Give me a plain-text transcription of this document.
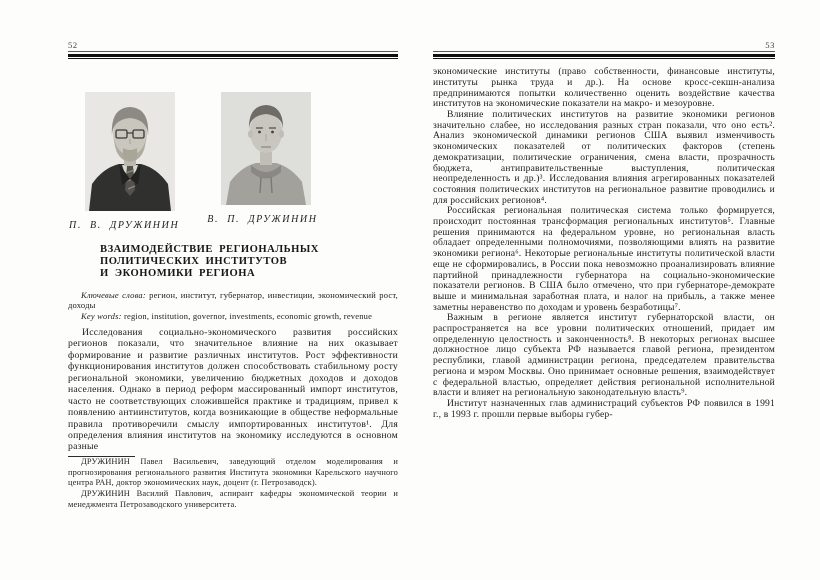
52
П. В. ДРУЖИНИН
В. П. ДРУЖИНИН
ВЗАИМОДЕЙСТВИЕ РЕГИОНАЛЬНЫХ
ПОЛИТИЧЕСКИХ ИНСТИТУТОВ
И ЭКОНОМИКИ РЕГИОНА

Ключевые слова: регион, институт, губернатор, инвестиции, экономический рост, доходы

Key words: region, institution, governor, investments, economic growth, revenue

Исследования социально-экономического развития российских регионов показали, что значительное влияние на них оказывает формирование и развитие различных институтов. Рост эффективности функционирования институтов должен способствовать стабильному росту региональной экономики, увеличению бюджетных доходов и доходов населения. Однако в период реформ массированный импорт институтов, часто не соответствующих сложившейся практике и традициям, привел к появлению антиинститутов, когда возникающие в обществе неформальные правила противоречили смыслу импортированных институтов¹. Для определения влияния институтов на экономику исследуются в основном разные

ДРУЖИНИН Павел Васильевич, заведующий отделом моделирования и прогнозирования регионального развития Института экономики Карельского научного центра РАН, доктор экономических наук, доцент (г. Петрозаводск).

ДРУЖИНИН Василий Павлович, аспирант кафедры экономической теории и менеджмента Петрозаводского университета.

53

экономические институты (право собственности, финансовые институты, институты рынка труда и др.). На основе кросс-секшн-анализа предпринимаются попытки количественно оценить воздействие качества институтов на экономические показатели на макро- и мезоуровне.

Влияние политических институтов на развитие экономики регионов значительно слабее, но исследования разных стран показали, что оно есть². Анализ экономической динамики регионов США выявил изменчивость экономических показателей от политических факторов (степень демократизации, политические ограничения, смена власти, прозрачность бюджета, антиправительственные выступления, политическая неопределенность и др.)³. Исследования влияния агрегированных показателей состояния политических институтов на региональное развитие проводились и для российских регионов⁴.

Российская региональная политическая система только формируется, происходит постоянная трансформация региональных институтов⁵. Главные решения принимаются на федеральном уровне, но региональная власть обладает определенными полномочиями, позволяющими влиять на развитие экономики региона⁶. Некоторые региональные институты политической власти еще не сформировались, в России пока невозможно проанализировать влияние партийной принадлежности губернатора на социально-экономические показатели регионов. В США было отмечено, что при губернаторе-демократе выше и минимальная заработная плата, и налог на прибыль, а также менее заметны неравенство по доходам и уровень безработицы⁷.

Важным в регионе является институт губернаторской власти, он распространяется на все уровни политических отношений, придает им определенную целостность и законченность⁸. В некоторых регионах высшее должностное лицо субъекта РФ называется главой региона, президентом республики, главой администрации региона, председателем правительства региона и мэром Москвы. Оно принимает основные решения, взаимодействует с федеральной властью, определяет действия региональной исполнительной власти и влияет на региональную законодательную власть⁹.

Институт назначенных глав администраций субъектов РФ появился в 1991 г., в 1993 г. прошли первые выборы губер-
